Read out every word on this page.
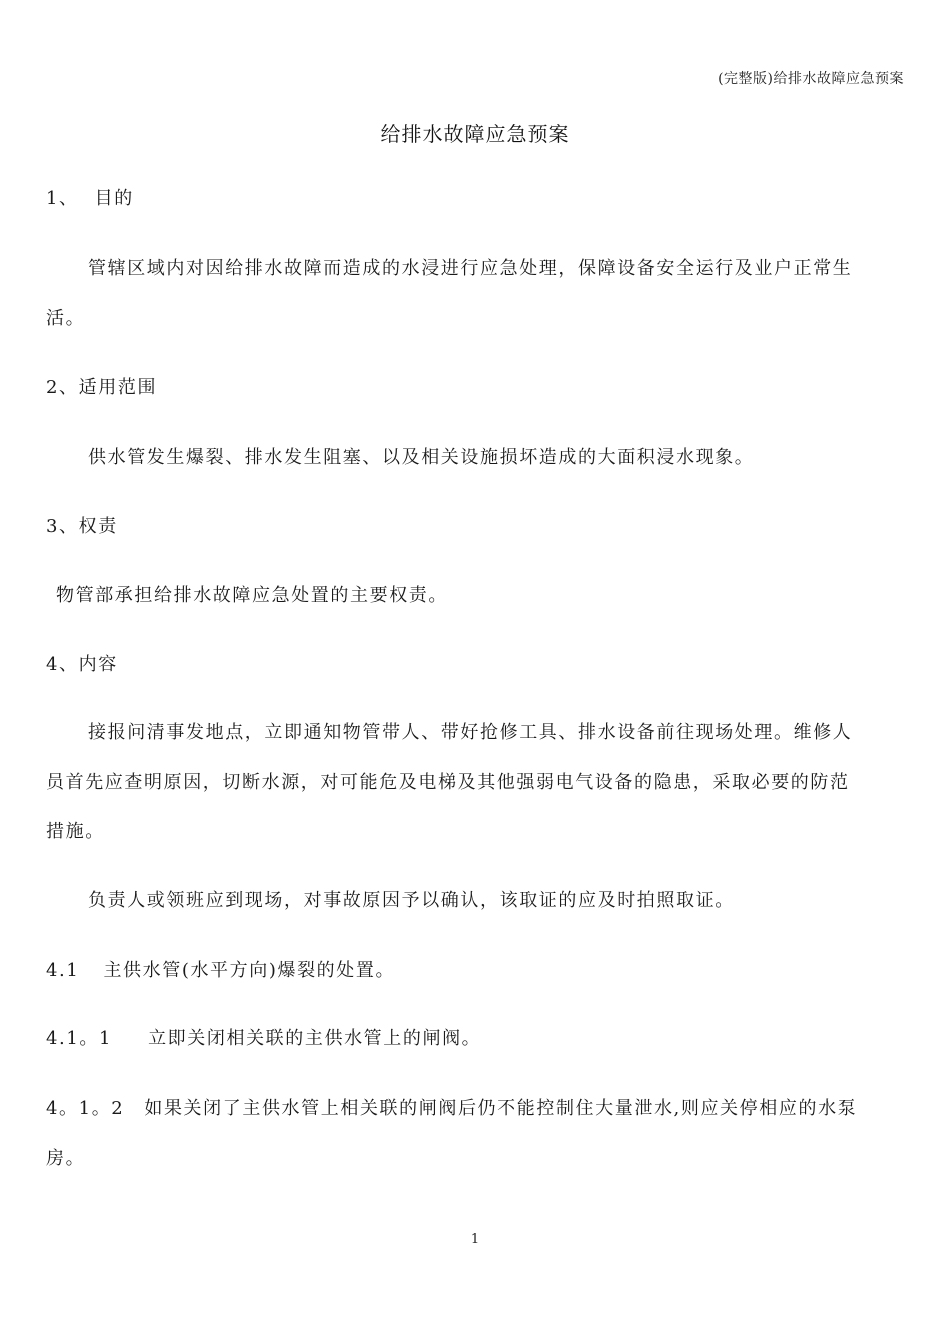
(完整版)给排水故障应急预案
给排水故障应急预案
1、 目的
管辖区域内对因给排水故障而造成的水浸进行应急处理，保障设备安全运行及业户正常生
活。
2、适用范围
供水管发生爆裂、排水发生阻塞、以及相关设施损坏造成的大面积浸水现象。
3、权责
物管部承担给排水故障应急处置的主要权责。
4、内容
接报问清事发地点，立即通知物管带人、带好抢修工具、排水设备前往现场处理。维修人
员首先应查明原因，切断水源，对可能危及电梯及其他强弱电气设备的隐患，采取必要的防范
措施。
负责人或领班应到现场，对事故原因予以确认，该取证的应及时拍照取证。
4.1 主供水管(水平方向)爆裂的处置。
4.1。1 立即关闭相关联的主供水管上的闸阀。
4。1。2 如果关闭了主供水管上相关联的闸阀后仍不能控制住大量泄水,则应关停相应的水泵
房。
1
